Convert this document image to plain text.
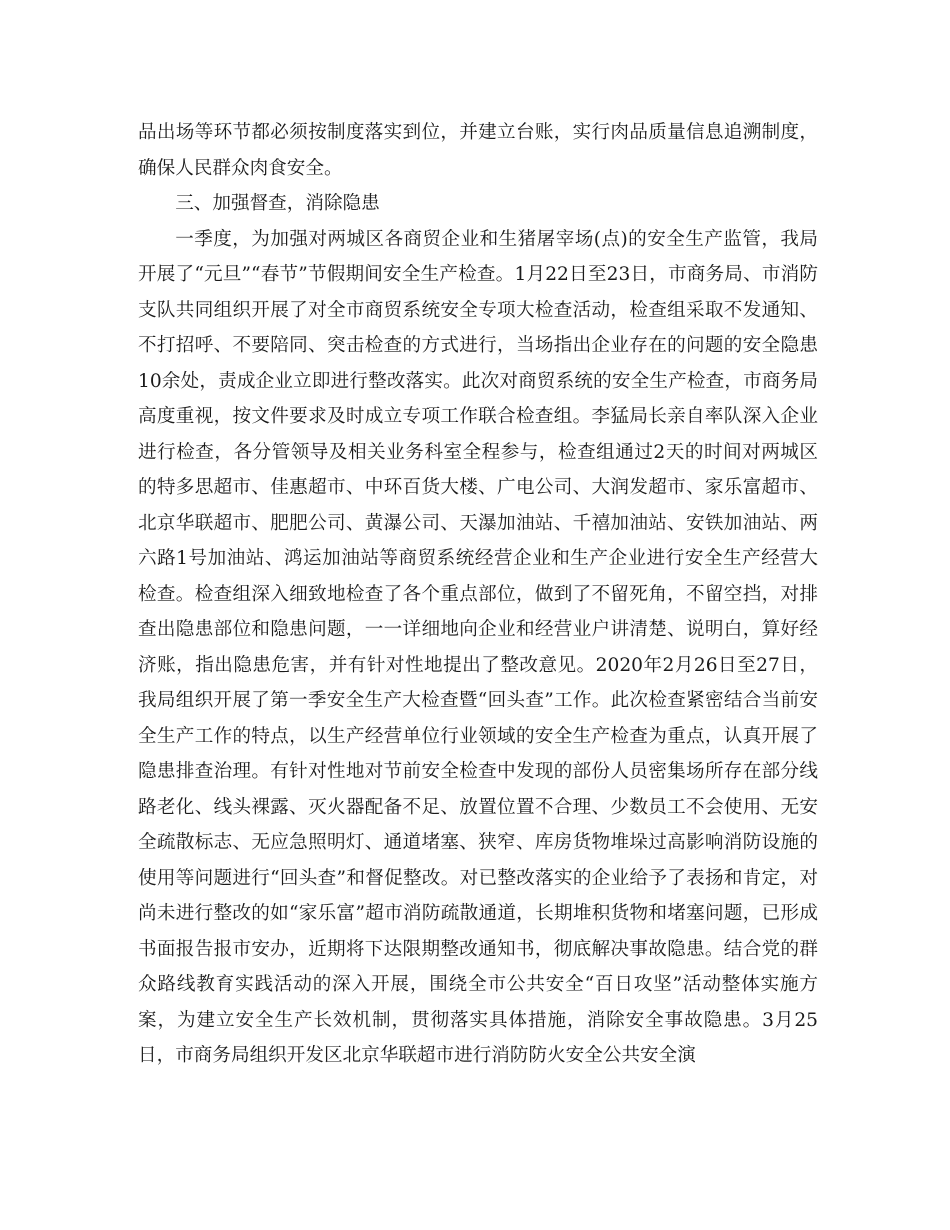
品出场等环节都必须按制度落实到位，并建立台账，实行肉品质量信息追溯制度，确保人民群众肉食安全。

三、加强督查，消除隐患

一季度，为加强对两城区各商贸企业和生猪屠宰场(点)的安全生产监管，我局开展了“元旦”“春节”节假期间安全生产检查。1月22日至23日，市商务局、市消防支队共同组织开展了对全市商贸系统安全专项大检查活动，检查组采取不发通知、不打招呼、不要陪同、突击检查的方式进行，当场指出企业存在的问题的安全隐患10余处，责成企业立即进行整改落实。此次对商贸系统的安全生产检查，市商务局高度重视，按文件要求及时成立专项工作联合检查组。李猛局长亲自率队深入企业进行检查，各分管领导及相关业务科室全程参与，检查组通过2天的时间对两城区的特多思超市、佳惠超市、中环百货大楼、广电公司、大润发超市、家乐富超市、北京华联超市、肥肥公司、黄瀑公司、天瀑加油站、千禧加油站、安铁加油站、两六路1号加油站、鸿运加油站等商贸系统经营企业和生产企业进行安全生产经营大检查。检查组深入细致地检查了各个重点部位，做到了不留死角，不留空挡，对排查出隐患部位和隐患问题，一一详细地向企业和经营业户讲清楚、说明白，算好经济账，指出隐患危害，并有针对性地提出了整改意见。2020年2月26日至27日，我局组织开展了第一季安全生产大检查暨“回头查”工作。此次检查紧密结合当前安全生产工作的特点，以生产经营单位行业领域的安全生产检查为重点，认真开展了隐患排查治理。有针对性地对节前安全检查中发现的部份人员密集场所存在部分线路老化、线头裸露、灭火器配备不足、放置位置不合理、少数员工不会使用、无安全疏散标志、无应急照明灯、通道堵塞、狭窄、库房货物堆垛过高影响消防设施的使用等问题进行“回头查”和督促整改。对已整改落实的企业给予了表扬和肯定，对尚未进行整改的如“家乐富”超市消防疏散通道，长期堆积货物和堵塞问题，已形成书面报告报市安办，近期将下达限期整改通知书，彻底解决事故隐患。结合党的群众路线教育实践活动的深入开展，围绕全市公共安全“百日攻坚”活动整体实施方案，为建立安全生产长效机制，贯彻落实具体措施，消除安全事故隐患。3月25日，市商务局组织开发区北京华联超市进行消防防火安全公共安全演
